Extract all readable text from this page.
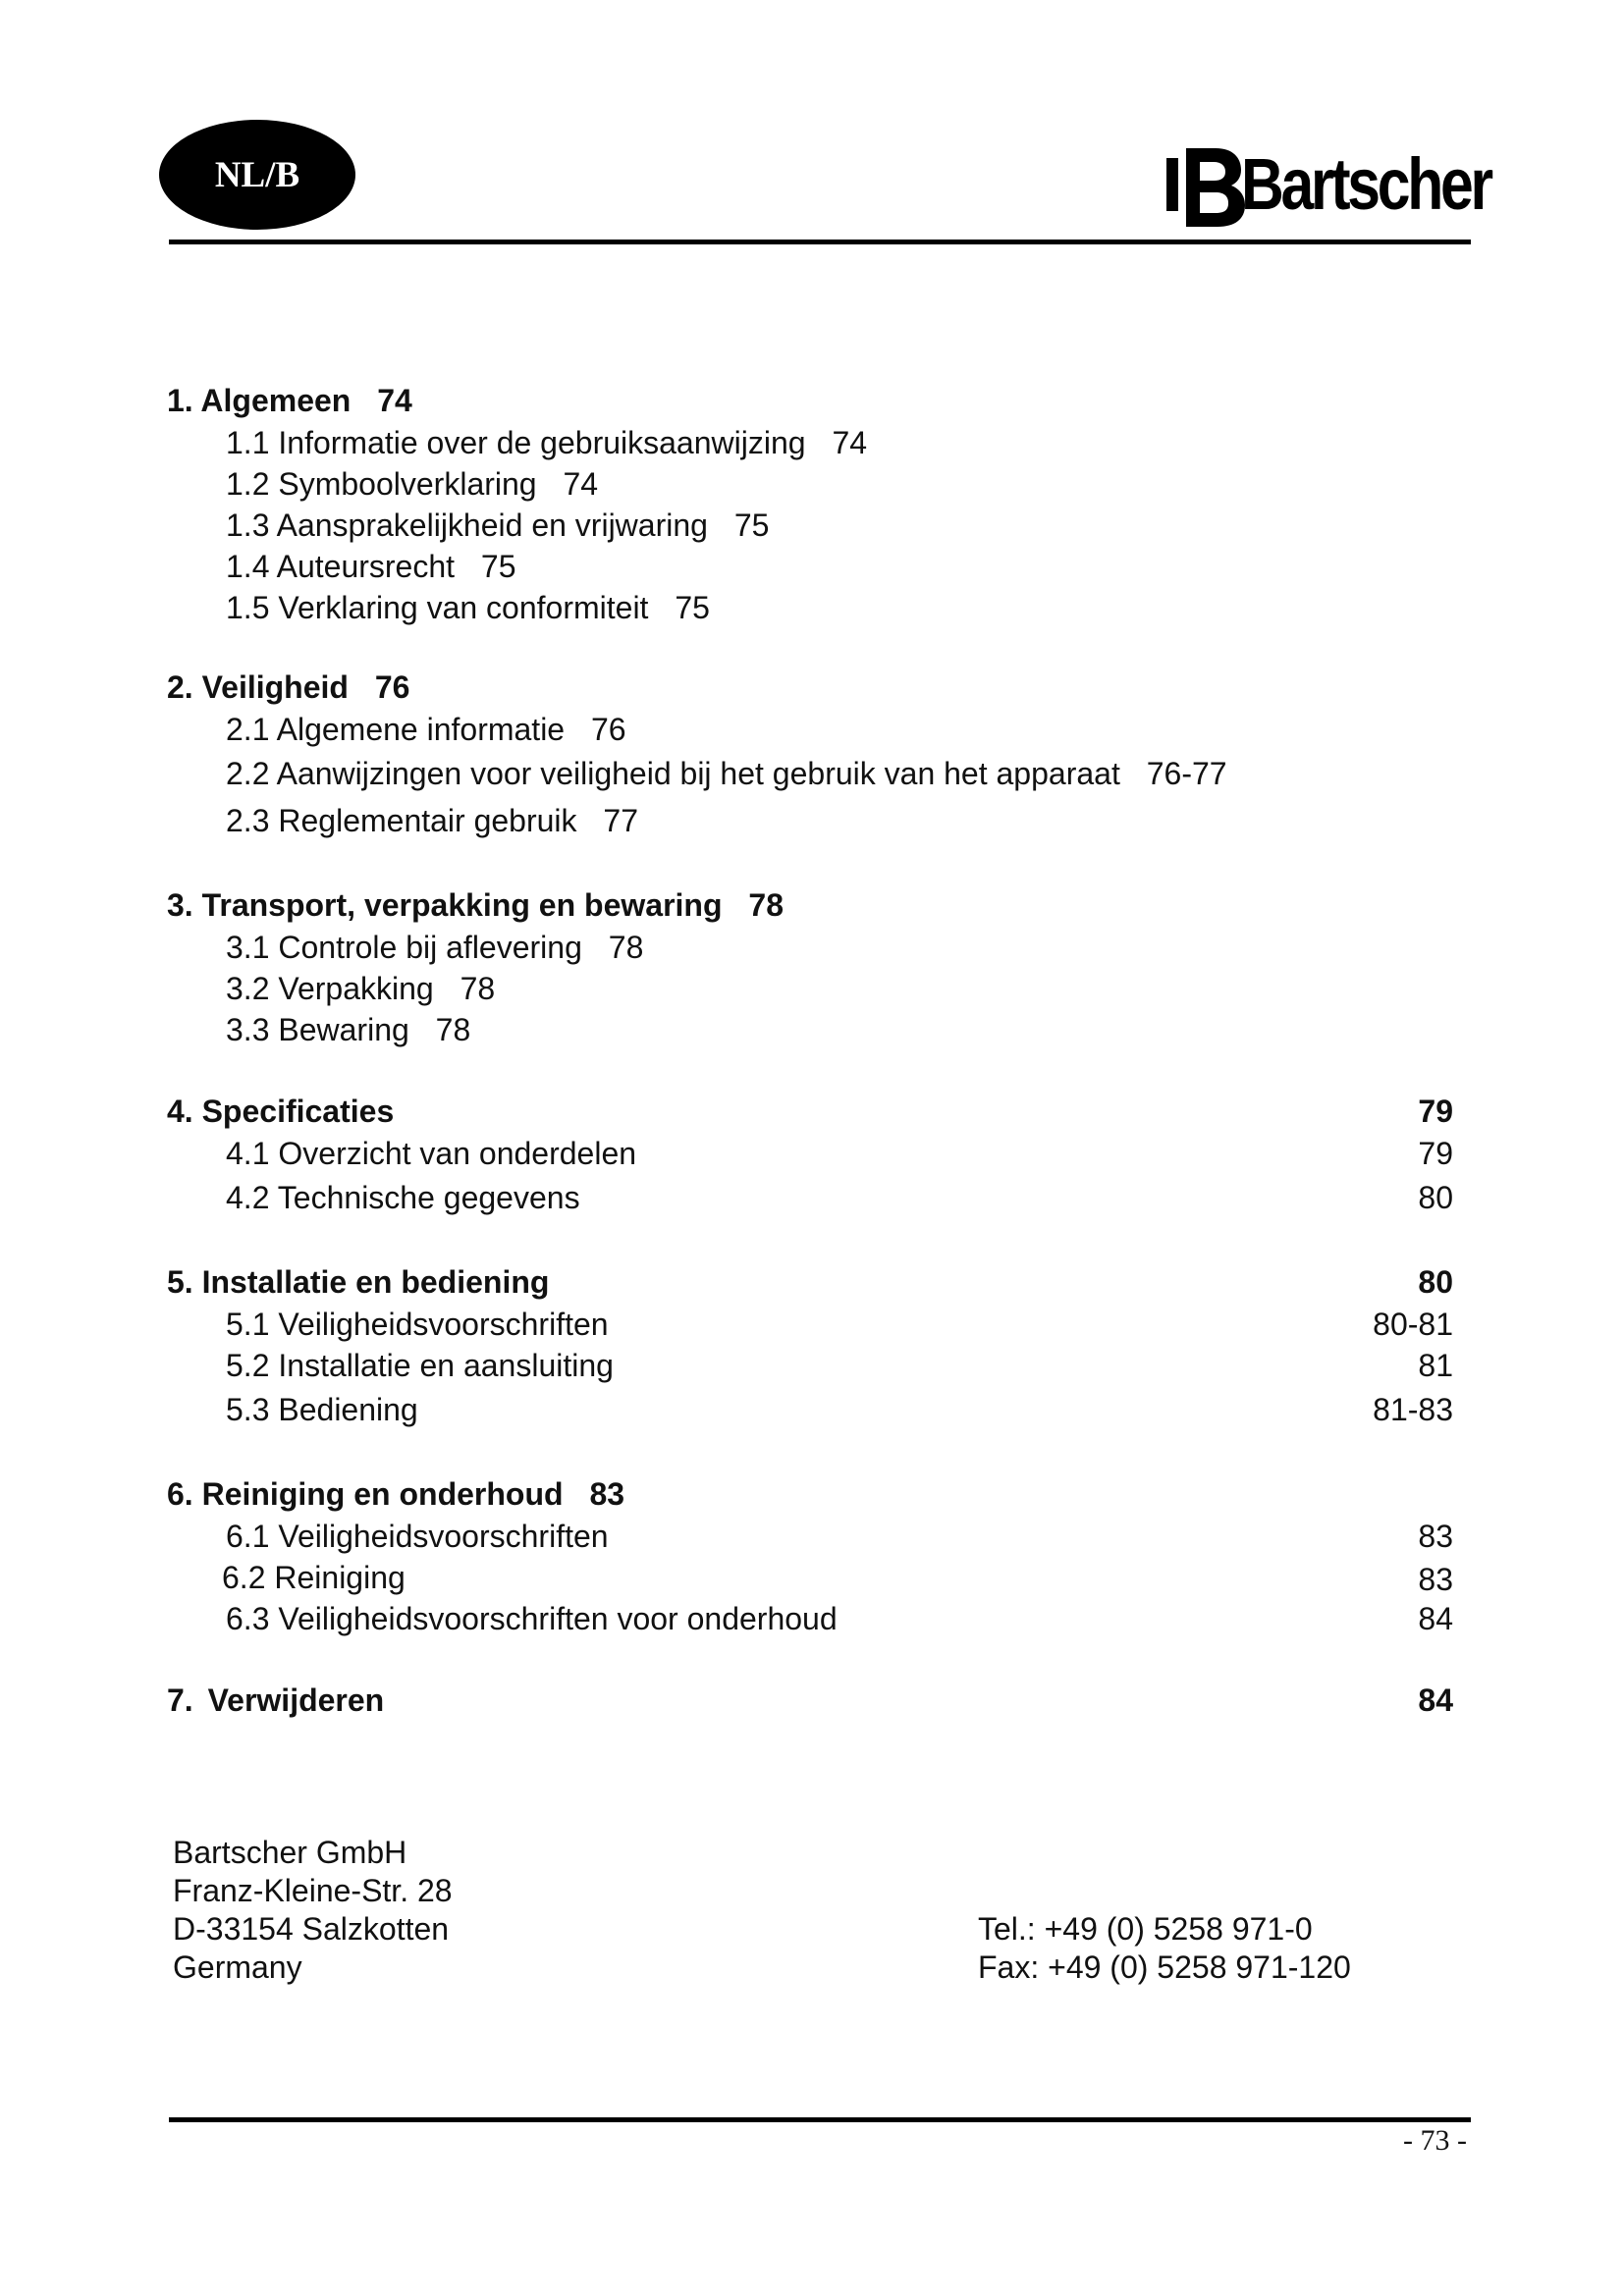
NL/B	Bartscher
1. Algemeen 74
1.1 Informatie over de gebruiksaanwijzing 74
1.2 Symboolverklaring 74
1.3 Aansprakelijkheid en vrijwaring 75
1.4 Auteursrecht 75
1.5 Verklaring van conformiteit 75
2. Veiligheid 76
2.1 Algemene informatie 76
2.2 Aanwijzingen voor veiligheid bij het gebruik van het apparaat 76-77
2.3 Reglementair gebruik 77
3. Transport, verpakking en bewaring 78
3.1 Controle bij aflevering 78
3.2 Verpakking 78
3.3 Bewaring 78
4. Specificaties	79
4.1 Overzicht van onderdelen	79
4.2 Technische gegevens	80
5. Installatie en bediening	80
5.1 Veiligheidsvoorschriften	80-81
5.2 Installatie en aansluiting	81
5.3 Bediening	81-83
6. Reiniging en onderhoud 83
6.1 Veiligheidsvoorschriften	83
6.2 Reiniging	83
6.3 Veiligheidsvoorschriften voor onderhoud	84
7. Verwijderen	84
Bartscher GmbH
Franz-Kleine-Str. 28
D-33154 Salzkotten
Germany
Tel.: +49 (0) 5258 971-0
Fax: +49 (0) 5258 971-120
- 73 -
